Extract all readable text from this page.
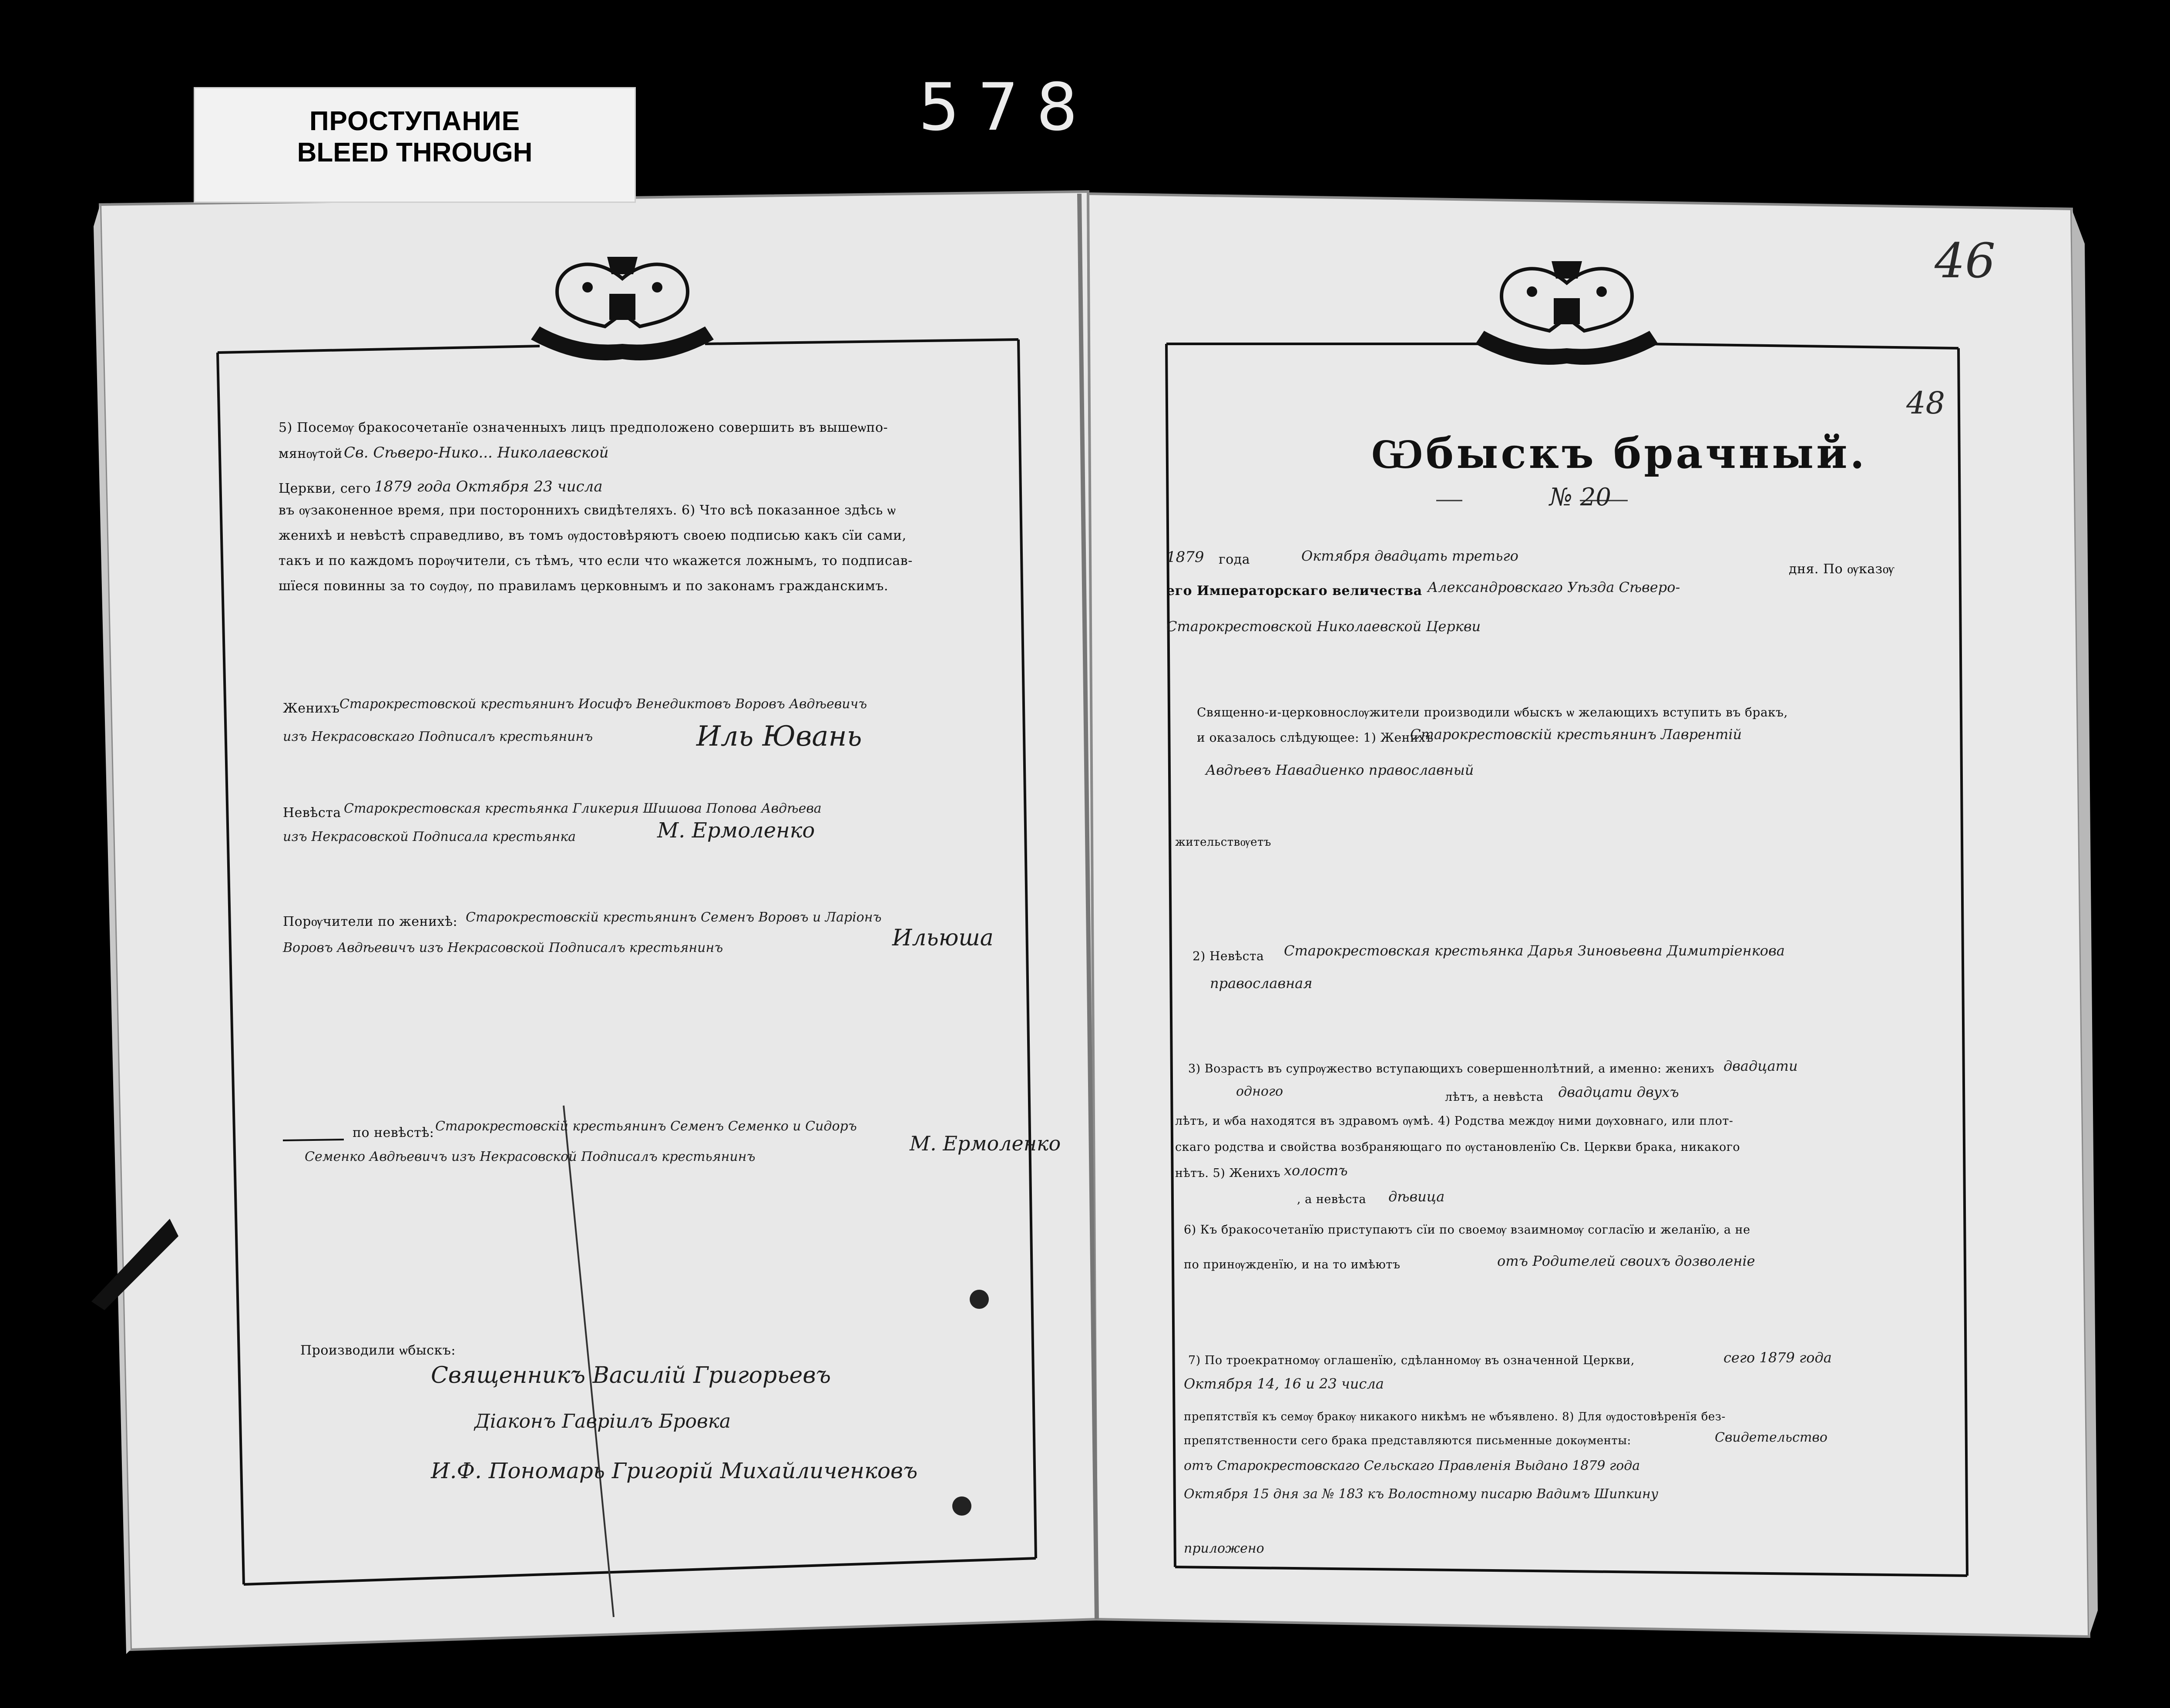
ПРОСТУПАНИЕ
BLEED THROUGH
578
46
48
5) Посемѹ бракосочетанїе означенныхъ лицъ предположено совершить въ вышеѡпо-
мянѹтой Св. Сѣверо-Нико... Николаевской
Церкви, сего 1879 года Октября 23 числа
въ ѹзаконенное время, при постороннихъ свидѣтеляхъ. 6) Что всѣ показанное здѣсь ѡ
женихѣ и невѣстѣ справедливо, въ томъ ѹдостовѣряютъ своею подписью какъ сїи сами,
такъ и по каждомъ порѹчители, съ тѣмъ, что если что ѡкажется ложнымъ, то подписав-
шїеся повинны за то сѹдѹ, по правиламъ церковнымъ и по законамъ гражданскимъ.
Женихъ Старокрестовской крестьянинъ Иосифъ Венедиктовъ Воровъ Авдѣевичъ
изъ Некрасовскаго Подписалъ крестьянинъ	Иль Ювань
Невѣста Старокрестовская крестьянка Гликерия Шишова Попова Авдѣева
изъ Некрасовской Подписала крестьянка	М. Ермоленко
Порѹчители по женихѣ: Старокрестовскій крестьянинъ Семенъ Воровъ и Ларіонъ
Воровъ Авдѣевичъ изъ Некрасовской Подписалъ крестьянинъ	Ильюша
по невѣстѣ: Старокрестовскій крестьянинъ Семенъ Семенко и Сидоръ
Семенко Авдѣевичъ изъ Некрасовской Подписалъ крестьянинъ
М. Ермоленко
Производили ѡбыскъ:
Священникъ Василій Григорьевъ
Діаконъ Гавріилъ Бровка
И.Ф. Пономарь Григорій Михайличенковъ
Ѡбыскъ брачный.
№ 20
1879 года	Октября двадцать третьго
дня. По ѹказѹ
его Императорскаго величества Александровскаго Уѣзда Сѣверо-
Старокрестовской Николаевской Церкви
Священно-и-церковнослѹжители производили ѡбыскъ ѡ желающихъ вступить въ бракъ,
и оказалось слѣдующее: 1) Женихъ
Старокрестовскій крестьянинъ Лаврентій
Авдѣевъ Навадиенко православный
жительствѹетъ
2) Невѣста Старокрестовская крестьянка Дарья Зиновьевна Димитріенкова
православная
3) Возрастъ въ супрѹжество вступающихъ совершеннолѣтний, а именно: женихъ двадцати
одного	лѣтъ, а невѣста двадцати двухъ
лѣтъ, и ѡба находятся въ здравомъ ѹмѣ. 4) Родства междѹ ними дѹховнаго, или плот-
скаго родства и свойства возбраняющаго по ѹстановленїю Св. Церкви брака, никакого
нѣтъ. 5) Женихъ холостъ
, а невѣста дѣвица
6) Къ бракосочетанїю приступаютъ сїи по своемѹ взаимномѹ согласїю и желанїю, а не
по принѹжденїю, и на то имѣютъ	отъ Родителей своихъ дозволеніе
7) По троекратномѹ оглашенїю, сдѣланномѹ въ означенной Церкви,	сего 1879 года
Октября 14, 16 и 23 числа
препятствїя къ семѹ бракѹ никакого никѣмъ не ѡбъявлено. 8) Для ѹдостовѣренїя без-
препятственности сего брака представляются письменные докѹменты:	Свидетельство
отъ Старокрестовскаго Сельскаго Правленія Выдано 1879 года
Октября 15 дня за № 183 къ Волостному писарю Вадимъ Шипкину
приложено
